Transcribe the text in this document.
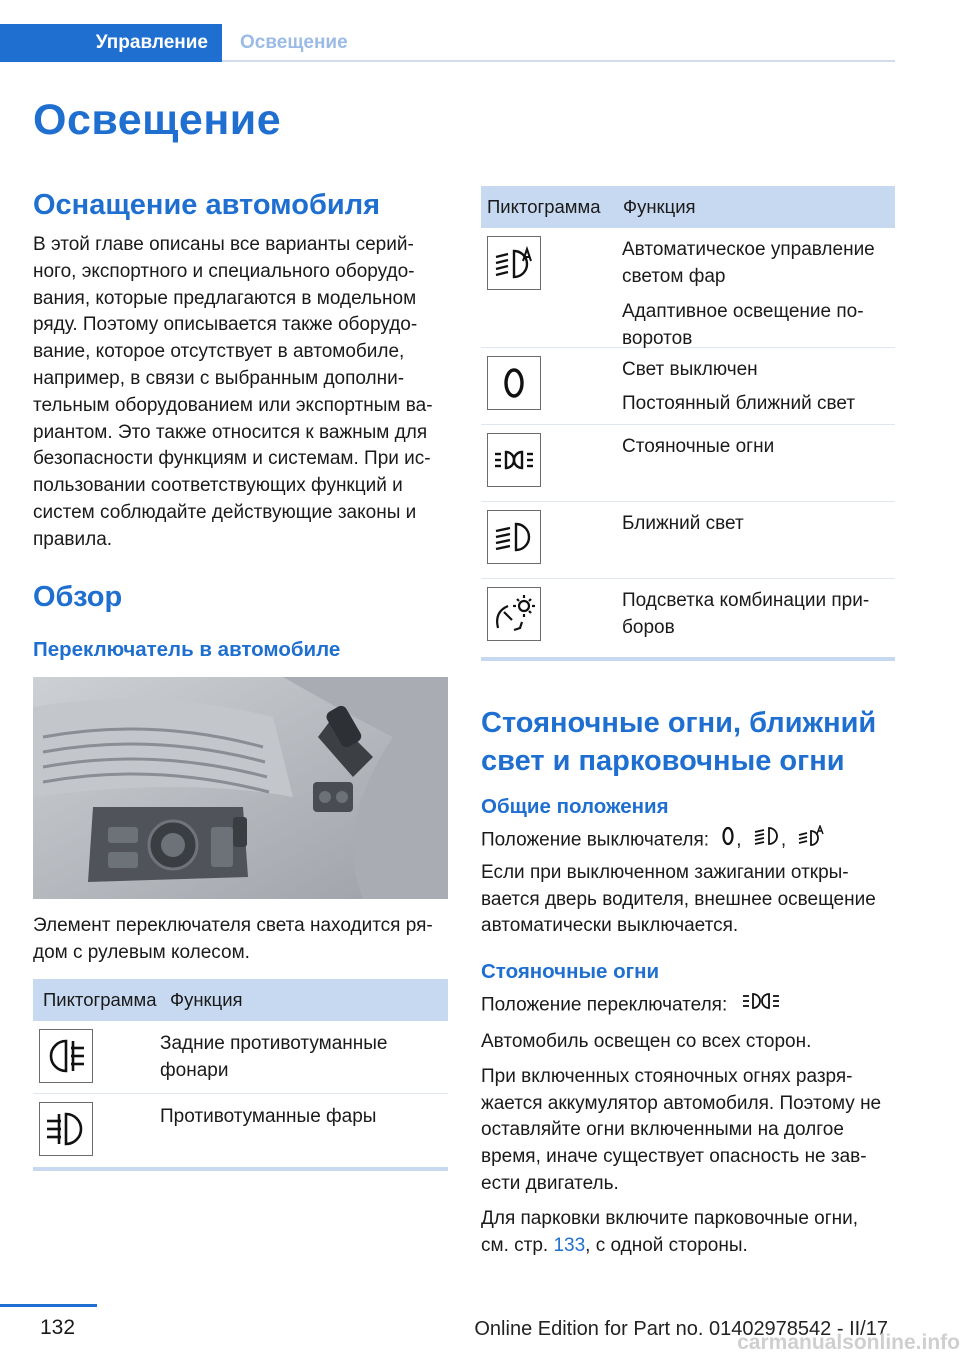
Управление	Освещение
Освещение
Оснащение автомобиля

В этой главе описаны все варианты серий-

ного, экспортного и специального оборудо-

вания, которые предлагаются в модельном

ряду. Поэтому описывается также оборудо-

вание, которое отсутствует в автомобиле,

например, в связи с выбранным дополни-

тельным оборудованием или экспортным ва-

риантом. Это также относится к важным для

безопасности функциям и системам. При ис-

пользовании соответствующих функций и

систем соблюдайте действующие законы и

правила.

Обзор
Переключатель в автомобиле

Элемент переключателя света находится ря-

дом с рулевым колесом.

Пиктограмма Функция

Задние противотуманные

фонари

Противотуманные фары

Пиктограмма	Функция

Автоматическое управление

светом фар

Адаптивное освещение по-

воротов

Свет выключен

Постоянный ближний свет

Стояночные огни

Ближний свет

Подсветка комбинации при-

боров

Стояночные огни, ближний
свет и парковочные огни
Общие положения

Положение выключателя: , ,

Если при выключенном зажигании откры-

вается дверь водителя, внешнее освещение

автоматически выключается.

Стояночные огни

Положение переключателя:

Автомобиль освещен со всех сторон.

При включенных стояночных огнях разря-

жается аккумулятор автомобиля. Поэтому не

оставляйте огни включенными на долгое

время, иначе существует опасность не зав-

ести двигатель.

Для парковки включите парковочные огни,

см. стр. 133, с одной стороны.

132	Online Edition for Part no. 01402978542 - II/17
carmanualsonline.info
